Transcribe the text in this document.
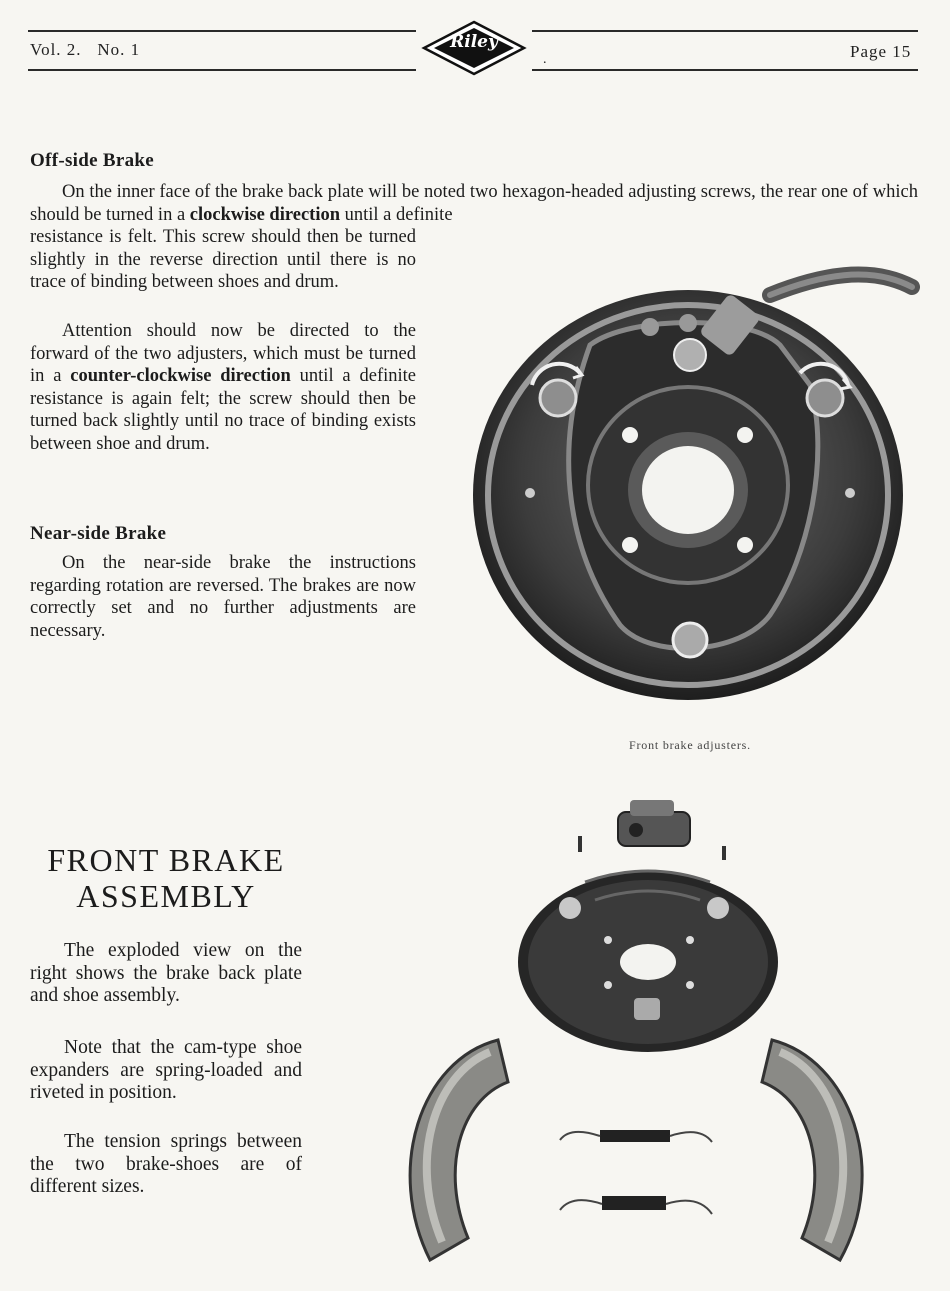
Vol. 2. No. 1	Riley
.	Page 15
Off-side Brake

On the inner face of the brake back plate will be noted two hexagon-headed adjusting screws, the rear one of which should be turned in a clockwise direction until a definite

resistance is felt. This screw should then be turned slightly in the reverse direction until there is no trace of binding between shoes and drum.

Attention should now be directed to the forward of the two adjusters, which must be turned in a counter-clockwise direction until a definite resistance is again felt; the screw should then be turned back slightly until no trace of binding exists between shoe and drum.

Near-side Brake

On the near-side brake the instructions regarding rotation are reversed. The brakes are now correctly set and no further adjustments are necessary.

Front brake adjusters.
FRONT BRAKE
ASSEMBLY

The exploded view on the right shows the brake back plate and shoe assembly.

Note that the cam-type shoe expanders are spring-loaded and riveted in position.

The tension springs between the two brake-shoes are of different sizes.
